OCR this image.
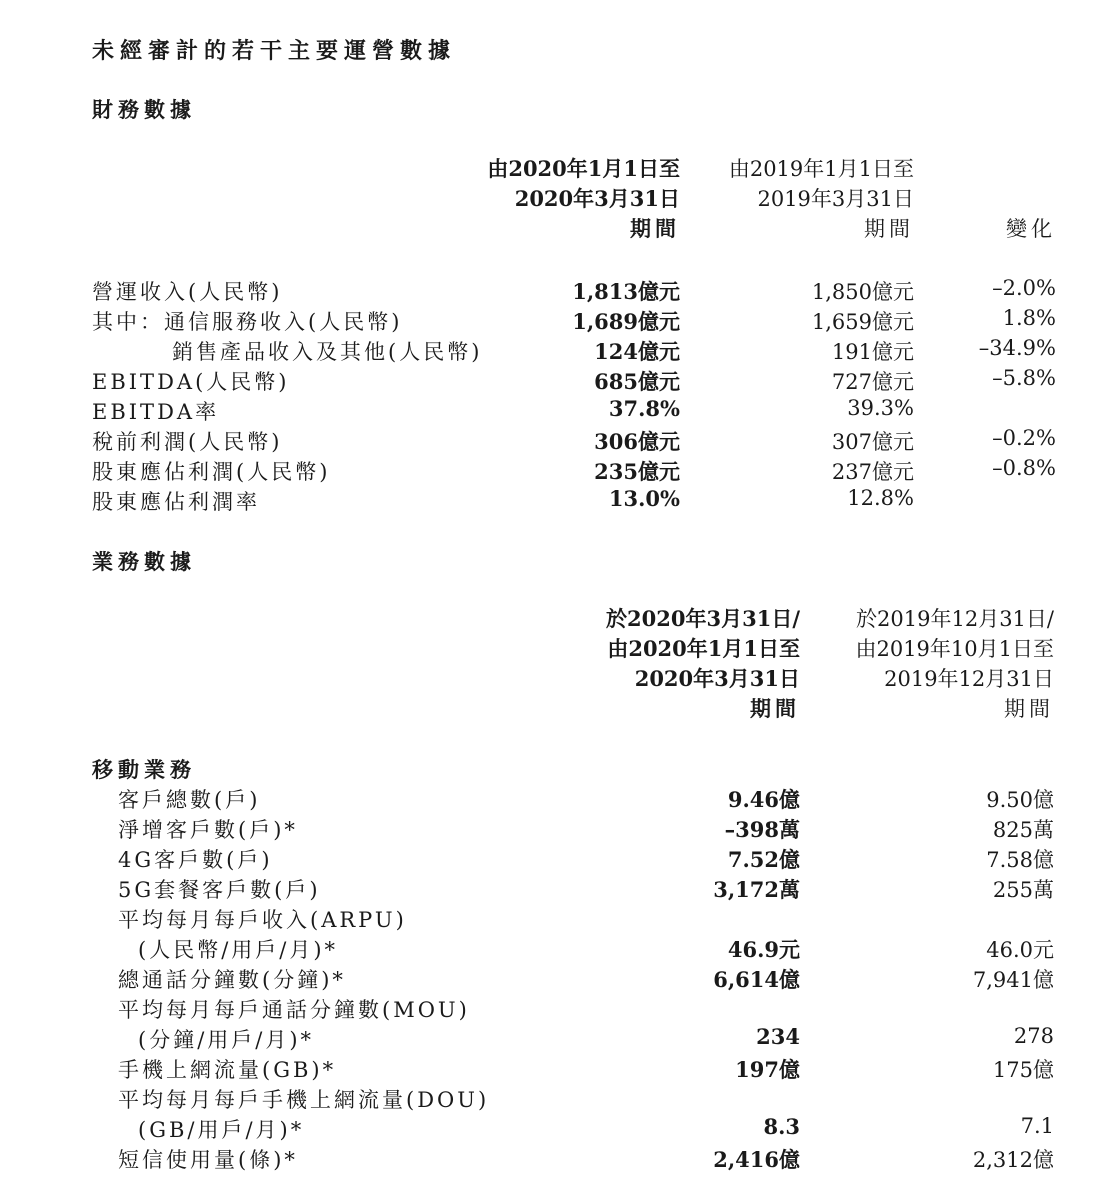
未經審計的若干主要運營數據
財務數據
由2020年1月1日至
2020年3月31日
期間
由2019年1月1日至
2019年3月31日
期間	變化
營運收入(人民幣)	1,813億元	1,850億元	–2.0%
其中：通信服務收入(人民幣)	1,689億元	1,659億元	1.8%
銷售產品收入及其他(人民幣)	124億元	191億元	–34.9%
EBITDA(人民幣)	685億元	727億元	–5.8%
EBITDA率	37.8%	39.3%
稅前利潤(人民幣)	306億元	307億元	–0.2%
股東應佔利潤(人民幣)	235億元	237億元	–0.8%
股東應佔利潤率	13.0%	12.8%
業務數據
於2020年3月31日/
由2020年1月1日至
2020年3月31日
期間
於2019年12月31日/
由2019年10月1日至
2019年12月31日
期間
移動業務
客戶總數(戶)	9.46億	9.50億
淨增客戶數(戶)*	–398萬	825萬
4G客戶數(戶)	7.52億	7.58億
5G套餐客戶數(戶)	3,172萬	255萬
平均每月每戶收入(ARPU)
(人民幣/用戶/月)*	46.9元	46.0元
總通話分鐘數(分鐘)*	6,614億	7,941億
平均每月每戶通話分鐘數(MOU)
(分鐘/用戶/月)*	234	278
手機上網流量(GB)*	197億	175億
平均每月每戶手機上網流量(DOU)
(GB/用戶/月)*	8.3	7.1
短信使用量(條)*	2,416億	2,312億
